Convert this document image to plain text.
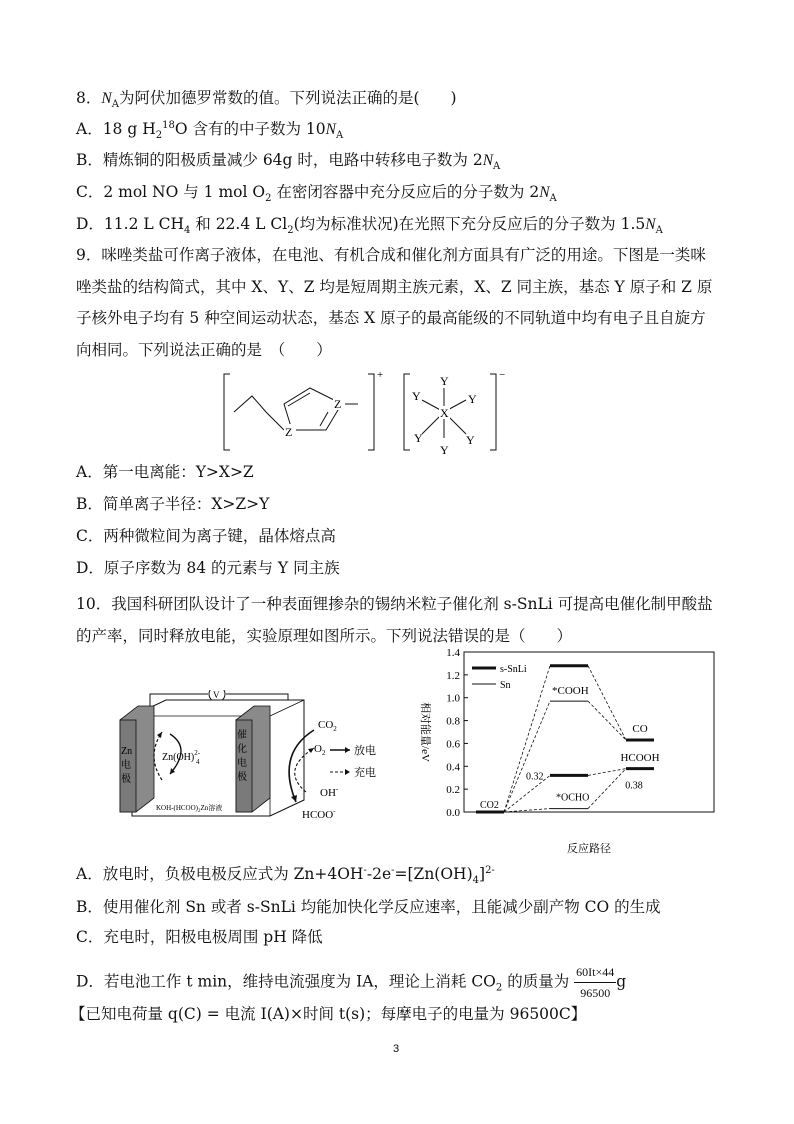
8．$N_A$为阿伏加德罗常数的值。下列说法正确的是(　　)
A．18 g $H_2^{18}O$ 含有的中子数为 $10N_A$
B．精炼铜的阳极质量减少 64g 时，电路中转移电子数为 $2N_A$
C．2 mol NO 与 1 mol $O_2$ 在密闭容器中充分反应后的分子数为 $2N_A$
D．11.2 L $CH_4$ 和 22.4 L $Cl_2$(均为标准状况)在光照下充分反应后的分子数为 $1.5N_A$
9．咪唑类盐可作离子液体，在电池、有机合成和催化剂方面具有广泛的用途。下图是一类咪
唑类盐的结构简式，其中 X、Y、Z 均是短周期主族元素，X、Z 同主族，基态 Y 原子和 Z 原
子核外电子均有 5 种空间运动状态，基态 X 原子的最高能级的不同轨道中均有电子且自旋方
向相同。下列说法正确的是　（　　）
+
Z
Z
−
X
Y
Y	Y
Y	Y
Y
A．第一电离能：Y>X>Z
B．简单离子半径：X>Z>Y
C．两种微粒间为离子键，晶体熔点高
D．原子序数为 84 的元素与 Y 同主族
10．我国科研团队设计了一种表面锂掺杂的锡纳米粒子催化剂 s-SnLi 可提高电催化制甲酸盐
的产率，同时释放电能，实验原理如图所示。下列说法错误的是（　　）
V
Zn
电
极
催
化
电
极
Zn(OH)$^{2-}$
4
KOH-$(HCOO)_2Zn$溶液
$CO_2$
$O_2$	放电
充电
OH-
HCOO-	0.0
0.2
0.4
0.6
0.8
1.0
1.2
1.4
相对能量/eV
反应路径
CO2
*COOH
CO
HCOOH
0.32
*OCHO
0.38
s-SnLi
Sn
A．放电时，负极电极反应式为 $Zn+4OH^--2e^-=[Zn(OH)_4]^{2-}$
B．使用催化剂 Sn 或者 s-SnLi 均能加快化学反应速率，且能减少副产物 CO 的生成
C．充电时，阳极电极周围 pH 降低
D．若电池工作 t min，维持电流强度为 IA，理论上消耗 $CO_2$ 的质量为 $\frac{60It\times 44}{96500}$ g
【已知电荷量 q(C) = 电流 I(A)×时间 t(s)；每摩电子的电量为 96500C】
3
